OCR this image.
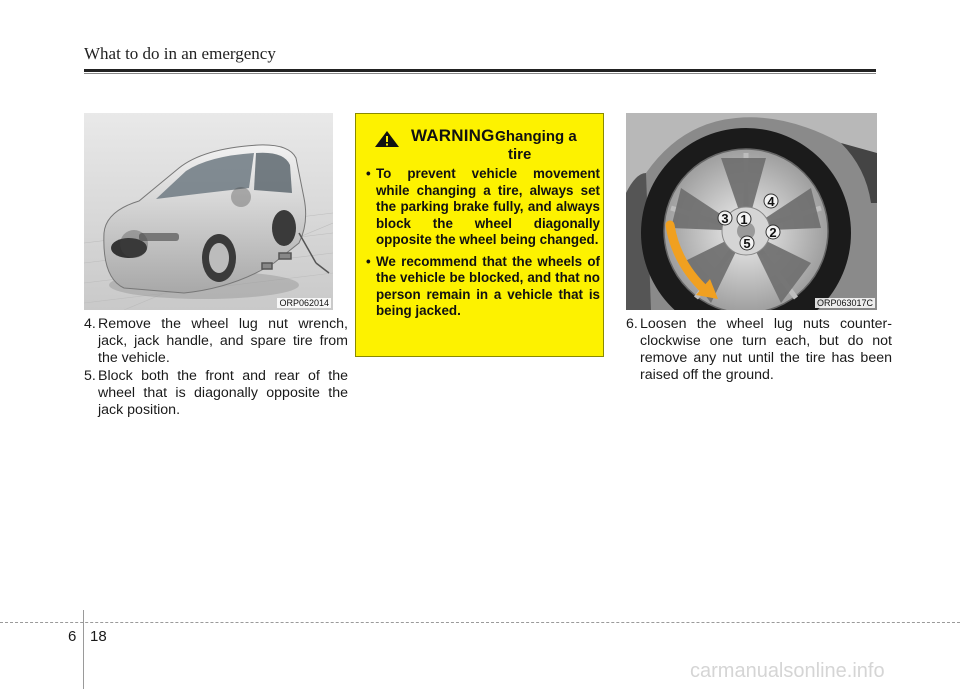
What to do in an emergency
ORP062014
WARNING -
Changing a
tire
• To prevent vehicle movement while changing a tire, always set the parking brake fully, and always block the wheel diagonally opposite the wheel being changed.
• We recommend that the wheels of the vehicle be blocked, and that no person remain in a vehicle that is being jacked.
1
2
3
4
5
ORP063017C
4. Remove the wheel lug nut wrench, jack, jack handle, and spare tire from the vehicle.
5. Block both the front and rear of the wheel that is diagonally opposite the jack position.
6. Loosen the wheel lug nuts counter-clockwise one turn each, but do not remove any nut until the tire has been raised off the ground.
6 18
carmanualsonline.info
